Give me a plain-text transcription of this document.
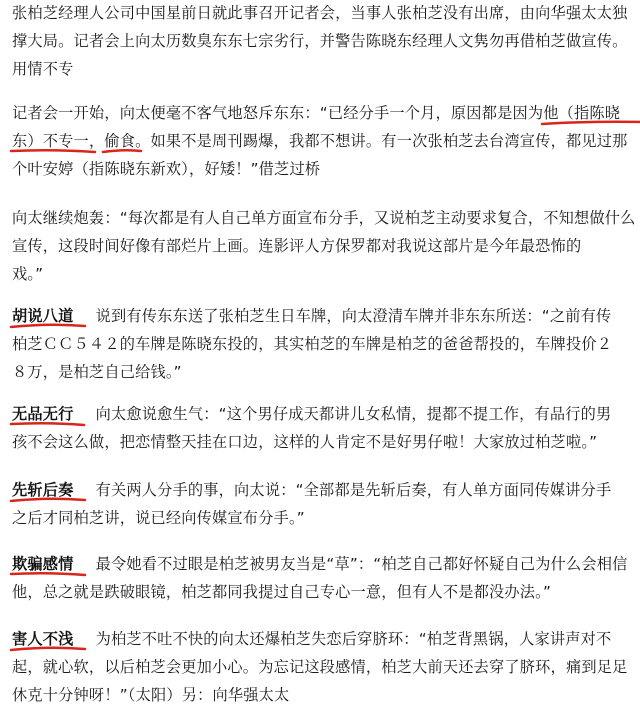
张柏芝经理人公司中国星前日就此事召开记者会，当事人张柏芝没有出席，由向华强太太独
撑大局。记者会上向太历数臭东东七宗劣行，并警告陈晓东经理人文隽勿再借柏芝做宣传。
用情不专
记者会一开始，向太便毫不客气地怒斥东东：“已经分手一个月，原因都是因为他（指陈晓
东）不专一
，偷食
。如果不是周刊踢爆，我都不想讲。有一次张柏芝去台湾宣传，都见过那
个叶安婷（指陈晓东新欢），好矮！”借芝过桥
向太继续炮轰：“每次都是有人自己单方面宣布分手，又说柏芝主动要求复合，不知想做什么
宣传，这段时间好像有部烂片上画。连影评人方保罗都对我说这部片是今年最恐怖的
戏。”
胡说八道 说到有传东东送了张柏芝生日车牌，向太澄清车牌并非东东所送：“之前有传
柏芝ＣＣ５４２的车牌是陈晓东投的，其实柏芝的车牌是柏芝的爸爸帮投的，车牌投价２
８万，是柏芝自己给钱。”
无品无行 向太愈说愈生气：“这个男仔成天都讲儿女私情，提都不提工作，有品行的男
孩不会这么做，把恋情整天挂在口边，这样的人肯定不是好男仔啦！大家放过柏芝啦。”
先斩后奏 有关两人分手的事，向太说：“全部都是先斩后奏，有人单方面同传媒讲分手
之后才同柏芝讲，说已经向传媒宣布分手。”
欺骗感情 最令她看不过眼是柏芝被男友当是“草”：“柏芝自己都好怀疑自己为什么会相信
他，总之就是跌破眼镜，柏芝都同我提过自己专心一意，但有人不是都没办法。”
害人不浅 为柏芝不吐不快的向太还爆柏芝失恋后穿脐环：“柏芝背黑锅，人家讲声对不
起，就心软，以后柏芝会更加小心。为忘记这段感情，柏芝大前天还去穿了脐环，痛到足足
休克十分钟呀！”（太阳）另：向华强太太
